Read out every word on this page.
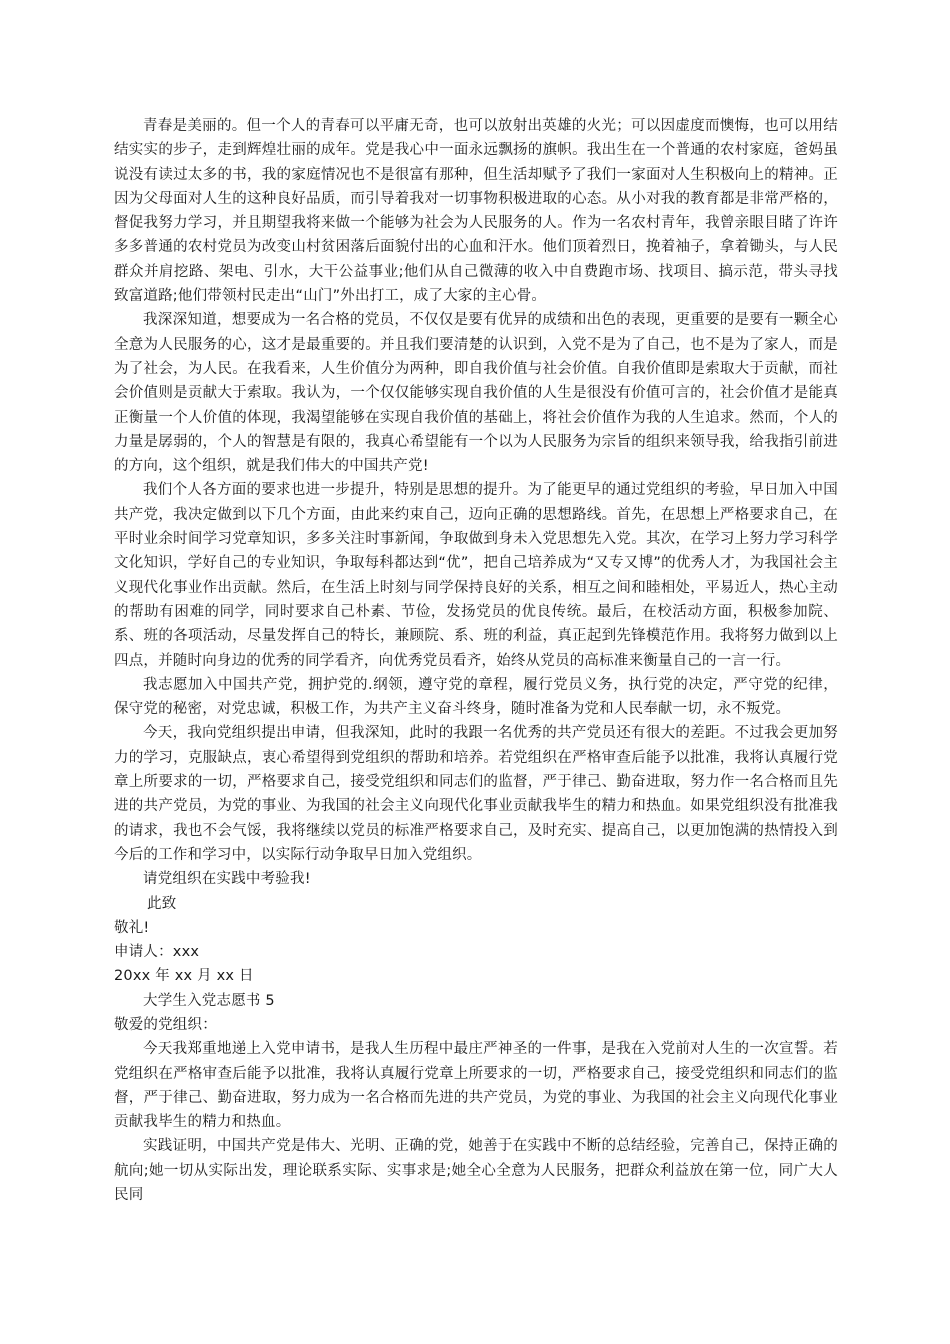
青春是美丽的。但一个人的青春可以平庸无奇，也可以放射出英雄的火光；可以因虚度而懊悔，也可以用结结实实的步子，走到辉煌壮丽的成年。党是我心中一面永远飘扬的旗帜。我出生在一个普通的农村家庭，爸妈虽说没有读过太多的书，我的家庭情况也不是很富有那种，但生活却赋予了我们一家面对人生积极向上的精神。正因为父母面对人生的这种良好品质，而引导着我对一切事物积极进取的心态。从小对我的教育都是非常严格的，督促我努力学习，并且期望我将来做一个能够为社会为人民服务的人。作为一名农村青年，我曾亲眼目睹了许许多多普通的农村党员为改变山村贫困落后面貌付出的心血和汗水。他们顶着烈日，挽着袖子，拿着锄头，与人民群众并肩挖路、架电、引水，大干公益事业;他们从自己微薄的收入中自费跑市场、找项目、搞示范，带头寻找致富道路;他们带领村民走出“山门”外出打工，成了大家的主心骨。

我深深知道，想要成为一名合格的党员，不仅仅是要有优异的成绩和出色的表现，更重要的是要有一颗全心全意为人民服务的心，这才是最重要的。并且我们要清楚的认识到，入党不是为了自己，也不是为了家人，而是为了社会，为人民。在我看来，人生价值分为两种，即自我价值与社会价值。自我价值即是索取大于贡献，而社会价值则是贡献大于索取。我认为，一个仅仅能够实现自我价值的人生是很没有价值可言的，社会价值才是能真正衡量一个人价值的体现，我渴望能够在实现自我价值的基础上，将社会价值作为我的人生追求。然而，个人的力量是孱弱的，个人的智慧是有限的，我真心希望能有一个以为人民服务为宗旨的组织来领导我，给我指引前进的方向，这个组织，就是我们伟大的中国共产党!

我们个人各方面的要求也进一步提升，特别是思想的提升。为了能更早的通过党组织的考验，早日加入中国共产党，我决定做到以下几个方面，由此来约束自己，迈向正确的思想路线。首先，在思想上严格要求自己，在平时业余时间学习党章知识，多多关注时事新闻，争取做到身未入党思想先入党。其次，在学习上努力学习科学文化知识，学好自己的专业知识，争取每科都达到“优”，把自己培养成为“又专又博”的优秀人才，为我国社会主义现代化事业作出贡献。然后，在生活上时刻与同学保持良好的关系，相互之间和睦相处，平易近人，热心主动的帮助有困难的同学，同时要求自己朴素、节俭，发扬党员的优良传统。最后，在校活动方面，积极参加院、系、班的各项活动，尽量发挥自己的特长，兼顾院、系、班的利益，真正起到先锋模范作用。我将努力做到以上四点，并随时向身边的优秀的同学看齐，向优秀党员看齐，始终从党员的高标准来衡量自己的一言一行。

我志愿加入中国共产党，拥护党的.纲领，遵守党的章程，履行党员义务，执行党的决定，严守党的纪律，保守党的秘密，对党忠诚，积极工作，为共产主义奋斗终身，随时准备为党和人民奉献一切，永不叛党。

今天，我向党组织提出申请，但我深知，此时的我跟一名优秀的共产党员还有很大的差距。不过我会更加努力的学习，克服缺点，衷心希望得到党组织的帮助和培养。若党组织在严格审查后能予以批准，我将认真履行党章上所要求的一切，严格要求自己，接受党组织和同志们的监督，严于律己、勤奋进取，努力作一名合格而且先进的共产党员，为党的事业、为我国的社会主义向现代化事业贡献我毕生的精力和热血。如果党组织没有批准我的请求，我也不会气馁，我将继续以党员的标准严格要求自己，及时充实、提高自己，以更加饱满的热情投入到今后的工作和学习中，以实际行动争取早日加入党组织。

请党组织在实践中考验我!

此致

敬礼!

申请人：xxx

20xx 年 xx 月 xx 日

大学生入党志愿书 5

敬爱的党组织：

今天我郑重地递上入党申请书，是我人生历程中最庄严神圣的一件事，是我在入党前对人生的一次宣誓。若党组织在严格审查后能予以批准，我将认真履行党章上所要求的一切，严格要求自己，接受党组织和同志们的监督，严于律己、勤奋进取，努力成为一名合格而先进的共产党员，为党的事业、为我国的社会主义向现代化事业贡献我毕生的精力和热血。

实践证明，中国共产党是伟大、光明、正确的党，她善于在实践中不断的总结经验，完善自己，保持正确的航向;她一切从实际出发，理论联系实际、实事求是;她全心全意为人民服务，把群众利益放在第一位，同广大人民同
